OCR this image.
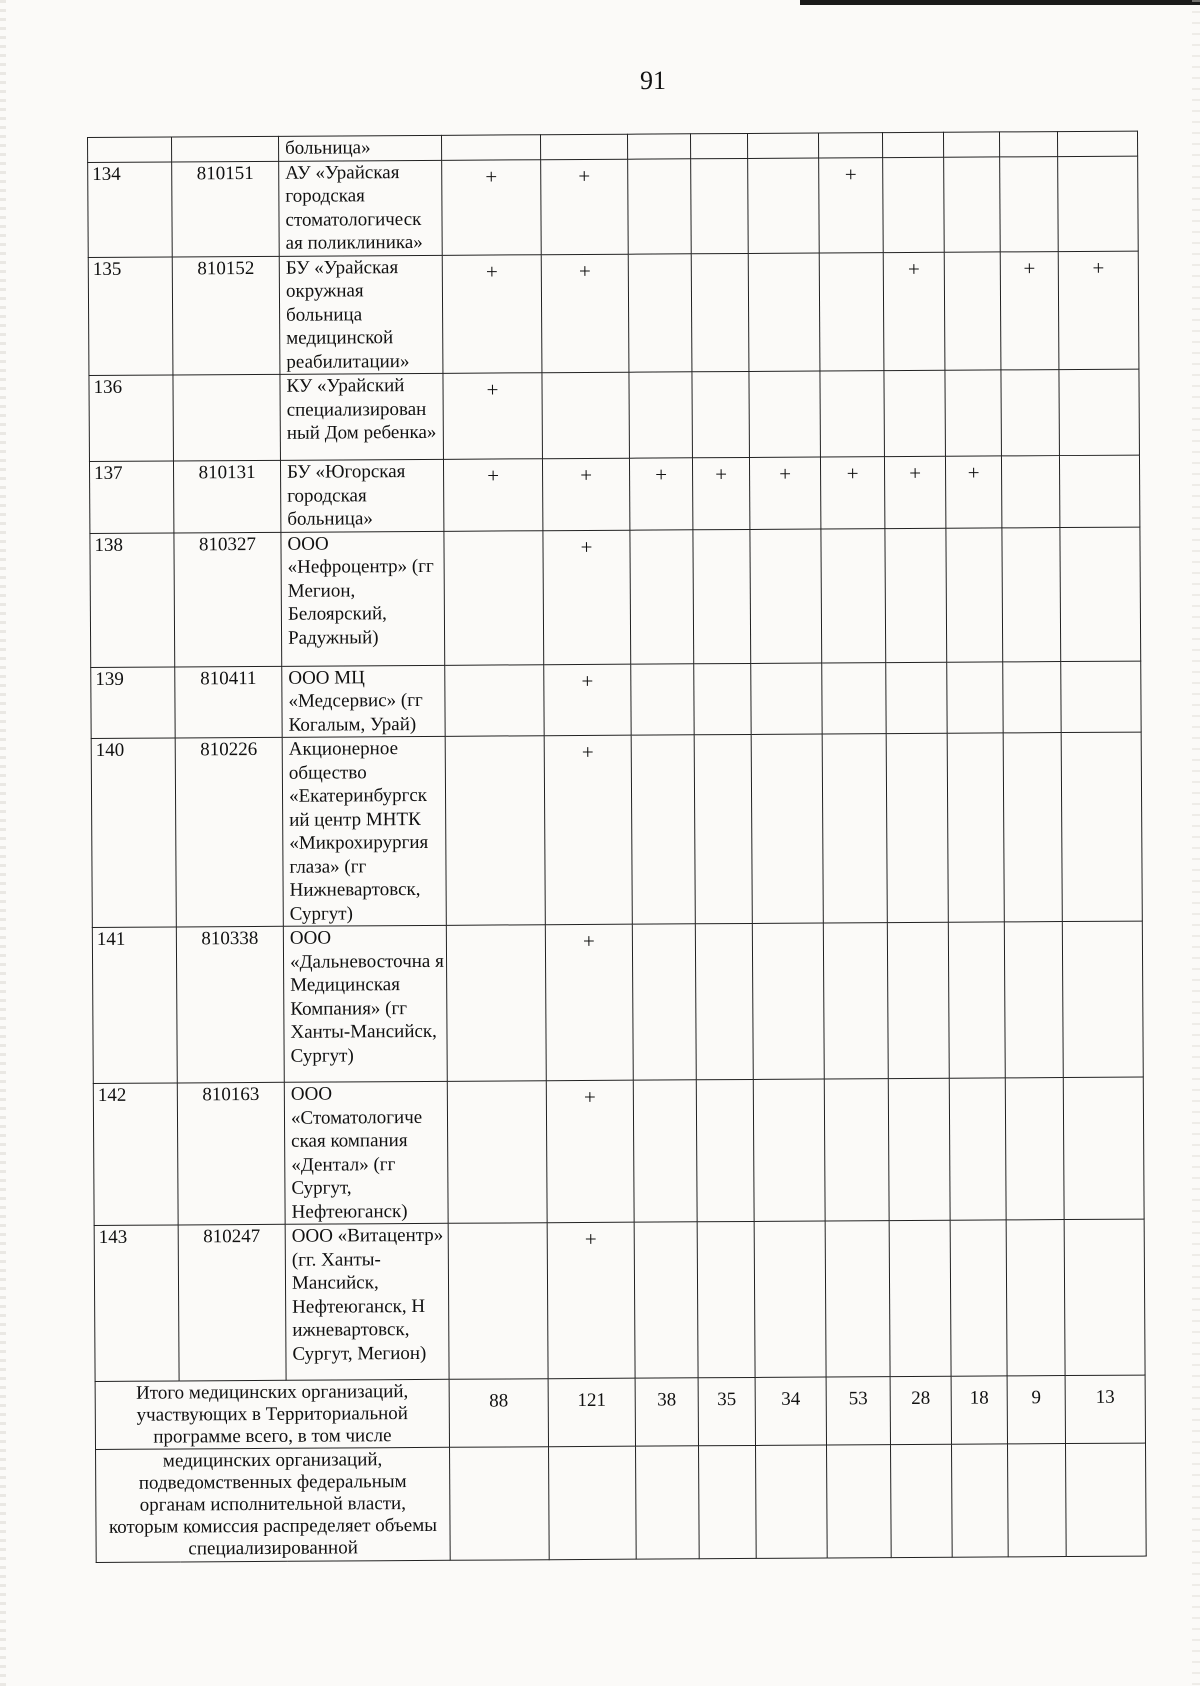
91
		больница»										
134	810151	АУ «Урайская городская стоматологическ ая поликлиника»	+	+				+				
135	810152	БУ «Урайская окружная больница медицинской реабилитации»	+	+					+		+	+
136		КУ «Урайский специализирован ный Дом ребенка»	+									
137	810131	БУ «Югорская городская больница»	+	+	+	+	+	+	+	+		
138	810327	ООО «Нефроцентр» (гг Мегион, Белоярский, Радужный)		+								
139	810411	ООО МЦ «Медсервис» (гг Когалым, Урай)		+								
140	810226	Акционерное общество «Екатеринбургск ий центр МНТК «Микрохирургия глаза» (гг Нижневартовск, Сургут)		+								
141	810338	ООО «Дальневосточна я Медицинская Компания» (гг Ханты-Мансийск, Сургут)		+								
142	810163	ООО «Стоматологиче ская компания «Дентал» (гг Сургут, Нефтеюганск)		+								
143	810247	ООО «Витацентр» (гг. Ханты-Мансийск, Нефтеюганск, Н ижневартовск, Сургут, Мегион)		+								
Итого медицинских организаций, участвующих в Территориальной программе всего, в том числе			88	121	38	35	34	53	28	18	9	13
медицинских организаций, подведомственных федеральным органам исполнительной власти, которым комиссия распределяет объемы специализированной												
